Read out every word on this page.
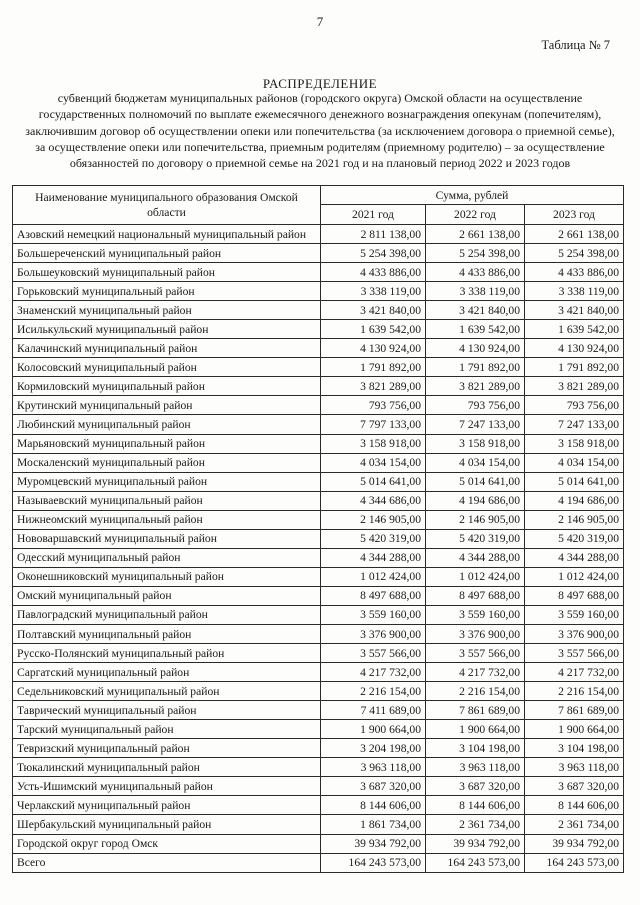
7
Таблица № 7
РАСПРЕДЕЛЕНИЕ
субвенций бюджетам муниципальных районов (городского округа) Омской области на осуществление
государственных полномочий по выплате ежемесячного денежного вознаграждения опекунам (попечителям),
заключившим договор об осуществлении опеки или попечительства (за исключением договора о приемной семье),
за осуществление опеки или попечительства, приемным родителям (приемному родителю) – за осуществление
обязанностей по договору о приемной семье на 2021 год и на плановый период 2022 и 2023 годов
Наименование муниципального образования Омской области	Сумма, рублей		
	2021 год	2022 год	2023 год
Азовский немецкий национальный муниципальный район	2 811 138,00	2 661 138,00	2 661 138,00
Большереченский муниципальный район	5 254 398,00	5 254 398,00	5 254 398,00
Большеуковский муниципальный район	4 433 886,00	4 433 886,00	4 433 886,00
Горьковский муниципальный район	3 338 119,00	3 338 119,00	3 338 119,00
Знаменский муниципальный район	3 421 840,00	3 421 840,00	3 421 840,00
Исилькульский муниципальный район	1 639 542,00	1 639 542,00	1 639 542,00
Калачинский муниципальный район	4 130 924,00	4 130 924,00	4 130 924,00
Колосовский муниципальный район	1 791 892,00	1 791 892,00	1 791 892,00
Кормиловский муниципальный район	3 821 289,00	3 821 289,00	3 821 289,00
Крутинский муниципальный район	793 756,00	793 756,00	793 756,00
Любинский муниципальный район	7 797 133,00	7 247 133,00	7 247 133,00
Марьяновский муниципальный район	3 158 918,00	3 158 918,00	3 158 918,00
Москаленский муниципальный район	4 034 154,00	4 034 154,00	4 034 154,00
Муромцевский муниципальный район	5 014 641,00	5 014 641,00	5 014 641,00
Называевский муниципальный район	4 344 686,00	4 194 686,00	4 194 686,00
Нижнеомский муниципальный район	2 146 905,00	2 146 905,00	2 146 905,00
Нововаршавский муниципальный район	5 420 319,00	5 420 319,00	5 420 319,00
Одесский муниципальный район	4 344 288,00	4 344 288,00	4 344 288,00
Оконешниковский муниципальный район	1 012 424,00	1 012 424,00	1 012 424,00
Омский муниципальный район	8 497 688,00	8 497 688,00	8 497 688,00
Павлоградский муниципальный район	3 559 160,00	3 559 160,00	3 559 160,00
Полтавский муниципальный район	3 376 900,00	3 376 900,00	3 376 900,00
Русско-Полянский муниципальный район	3 557 566,00	3 557 566,00	3 557 566,00
Саргатский муниципальный район	4 217 732,00	4 217 732,00	4 217 732,00
Седельниковский муниципальный район	2 216 154,00	2 216 154,00	2 216 154,00
Таврический муниципальный район	7 411 689,00	7 861 689,00	7 861 689,00
Тарский муниципальный район	1 900 664,00	1 900 664,00	1 900 664,00
Тевризский муниципальный район	3 204 198,00	3 104 198,00	3 104 198,00
Тюкалинский муниципальный район	3 963 118,00	3 963 118,00	3 963 118,00
Усть-Ишимский муниципальный район	3 687 320,00	3 687 320,00	3 687 320,00
Черлакский муниципальный район	8 144 606,00	8 144 606,00	8 144 606,00
Шербакульский муниципальный район	1 861 734,00	2 361 734,00	2 361 734,00
Городской округ город Омск	39 934 792,00	39 934 792,00	39 934 792,00
Всего	164 243 573,00	164 243 573,00	164 243 573,00
